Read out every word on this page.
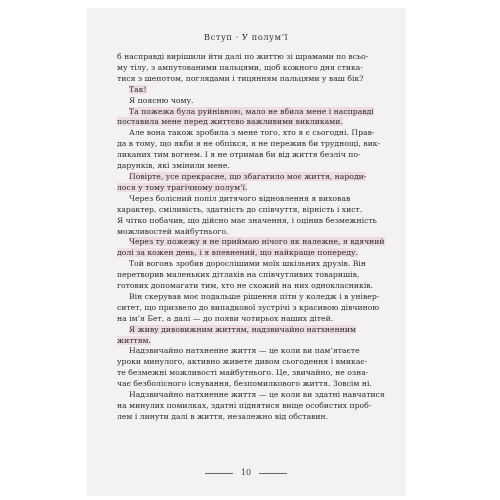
Вступ · У полум’ї
б насправді вирішили йти далі по життю зі шрамами по всьо-
му тілу, з ампутованими пальцями, щоб кожного дня стика-
тися з шепотом, поглядами і тицянням пальцями у ваш бік?
Так!
Я поясню чому.
Та пожежа була руйнівною, мало не вбила мене і насправді
поставила мене перед життєво важливими викликами.
Але вона також зробила з мене того, хто я є сьогодні. Прав-
да в тому, що якби я не обпікся, я не пережив би труднощі, вик-
ликаних тим вогнем. І я не отримав би від життя безліч по-
дарунків, які змінили мене.
Повірте, усе прекрасне, що збагатило моє життя, народи-
лося у тому трагічному полум’ї.
Через болісний попіл дитячого відновлення я виховав
характер, сміливість, здатність до співчуття, вірність і хист.
Я чітко побачив, що дійсно має значення, і оцінив безмежність
можливостей майбутнього.
Через ту пожежу я не приймаю нічого як належне, я вдячний
долі за кожен день, і я впевнений, що найкраще попереду.
Той вогонь зробив дорослішими моїх шкільних друзів. Він
перетворив маленьких дітлахів на співчутливих товаришів,
готових допомагати тим, хто не схожий на них однокласників.
Він скерував моє подальше рішення піти у коледж і в універ-
ситет, що призвело до випадкової зустрічі з красивою дівчиною
на ім’я Бет, а далі — до появи чотирьох наших дітей.
Я живу дивовижним життям, надзвичайно натхненним
життям.
Надзвичайно натхненне життя — це коли ви пам’ятаєте
уроки минулого, активно живете дивом сьогодення і вмикає-
те безмежні можливості майбутнього. Це, звичайно, не озна-
чає безболісного існування, безпомилкового життя. Зовсім ні.
Надзвичайно натхненне життя — це коли ви здатні навчатися
на минулих помилках, здатні піднятися вище особистих проб-
лем і линути далі в життя, незалежно від обставин.
10
